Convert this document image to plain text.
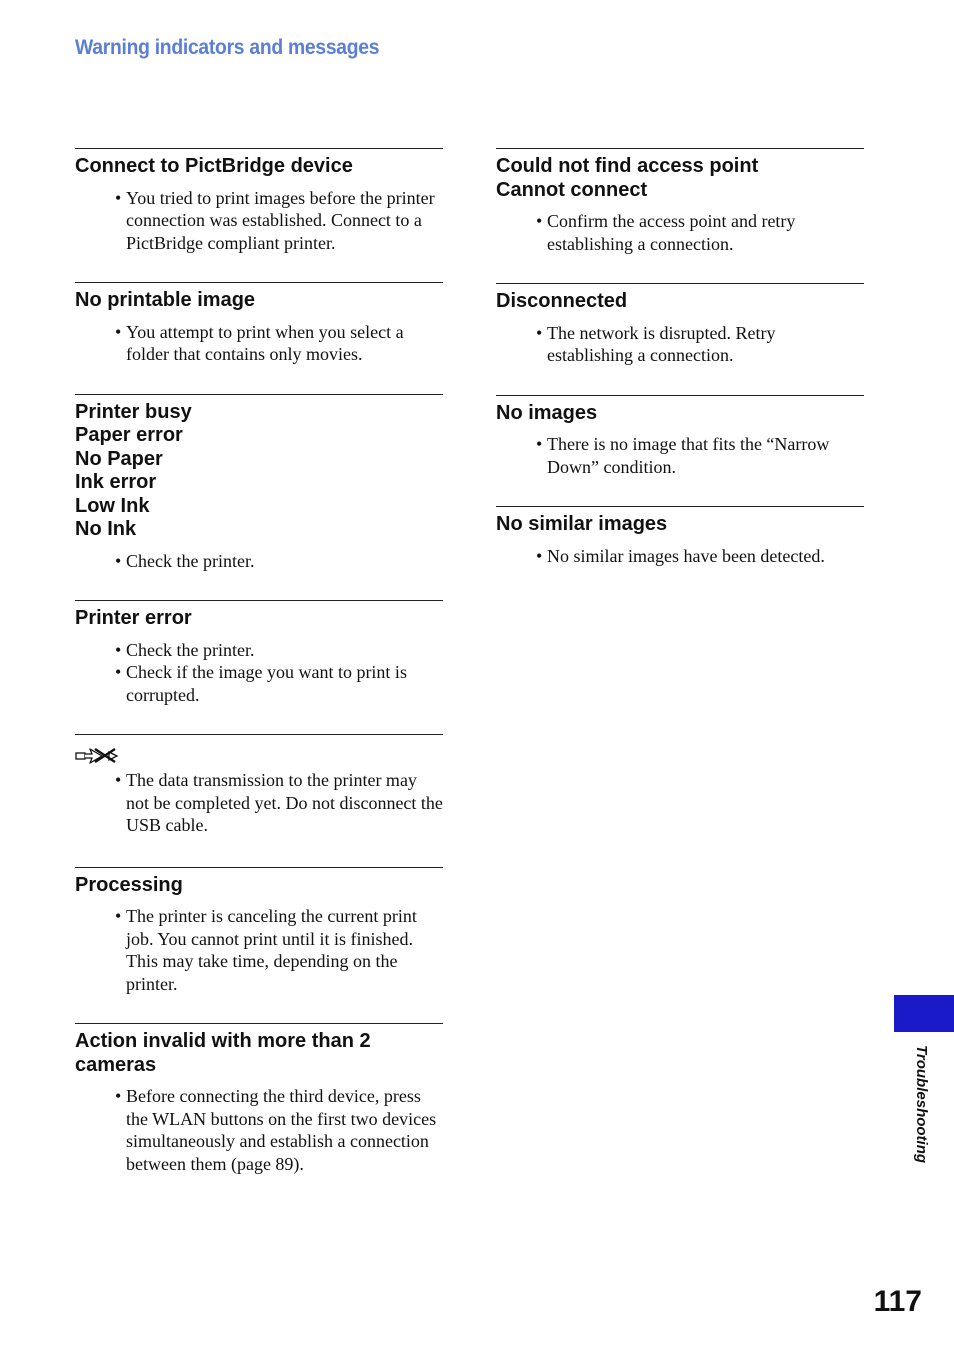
Warning indicators and messages
Connect to PictBridge device
• You tried to print images before the printer connection was established. Connect to a PictBridge compliant printer.
No printable image
• You attempt to print when you select a folder that contains only movies.
Printer busy
Paper error
No Paper
Ink error
Low Ink
No Ink
• Check the printer.
Printer error
• Check the printer.
• Check if the image you want to print is corrupted.
• The data transmission to the printer may not be completed yet. Do not disconnect the USB cable.
Processing
• The printer is canceling the current print job. You cannot print until it is finished. This may take time, depending on the printer.
Action invalid with more than 2 cameras
• Before connecting the third device, press the WLAN buttons on the first two devices simultaneously and establish a connection between them (page 89).
Could not find access point
Cannot connect
• Confirm the access point and retry establishing a connection.
Disconnected
• The network is disrupted. Retry establishing a connection.
No images
• There is no image that fits the “Narrow Down” condition.
No similar images
• No similar images have been detected.
Troubleshooting
117
